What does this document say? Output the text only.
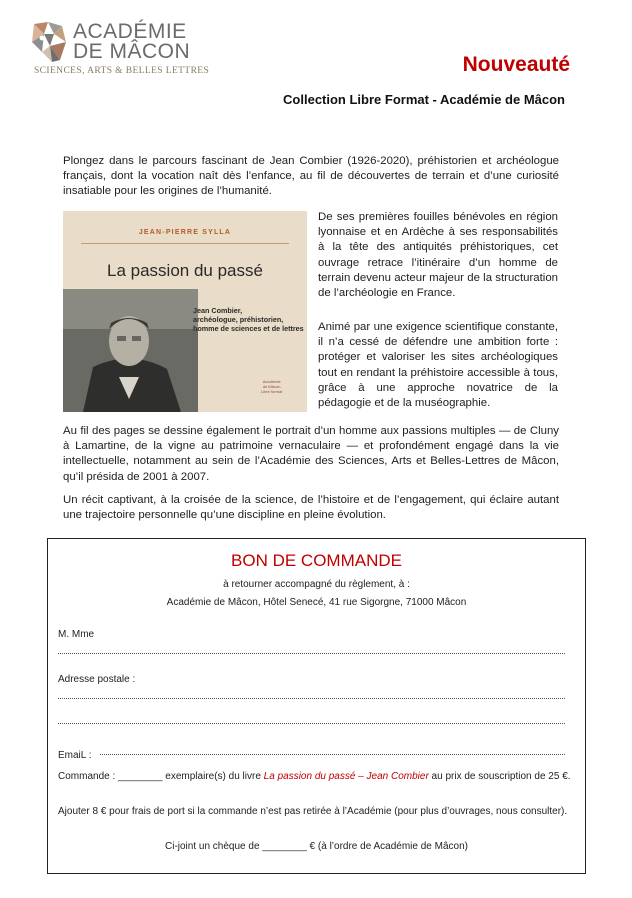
ACADÉMIE
DE MÂCON
SCIENCES, ARTS & BELLES LETTRES	Nouveauté
Collection Libre Format - Académie de Mâcon

Plongez dans le parcours fascinant de Jean Combier (1926-2020), préhistorien et archéologue français, dont la vocation naît dès l’enfance, au fil de découvertes de terrain et d’une curiosité insatiable pour les origines de l’humanité.

JEAN-PIERRE SYLLA
La passion du passé
Jean Combier,
archéologue, préhistorien,
homme de sciences et de lettres
Académie
de Mâcon
Libre format

De ses premières fouilles bénévoles en région lyonnaise et en Ardèche à ses responsabilités à la tête des antiquités préhistoriques, cet ouvrage retrace l’itinéraire d’un homme de terrain devenu acteur majeur de la structuration de l’archéologie en France.

Animé par une exigence scientifique constante, il n’a cessé de défendre une ambition forte : protéger et valoriser les sites archéologiques tout en rendant la préhistoire accessible à tous, grâce à une approche novatrice de la pédagogie et de la muséographie.

Au fil des pages se dessine également le portrait d’un homme aux passions multiples — de Cluny à Lamartine, de la vigne au patrimoine vernaculaire — et profondément engagé dans la vie intellectuelle, notamment au sein de l’Académie des Sciences, Arts et Belles-Lettres de Mâcon, qu’il présida de 2001 à 2007.

Un récit captivant, à la croisée de la science, de l’histoire et de l’engagement, qui éclaire autant une trajectoire personnelle qu’une discipline en pleine évolution.

BON DE COMMANDE
à retourner accompagné du règlement, à :
Académie de Mâcon, Hôtel Senecé, 41 rue Sigorgne, 71000 Mâcon
M. Mme
Adresse postale :
EmaiL :
Commande : ________ exemplaire(s) du livre La passion du passé – Jean Combier au prix de souscription de 25 €.
Ajouter 8 € pour frais de port si la commande n’est pas retirée à l’Académie (pour plus d’ouvrages, nous consulter).
Ci-joint un chèque de ________ € (à l’ordre de Académie de Mâcon)
